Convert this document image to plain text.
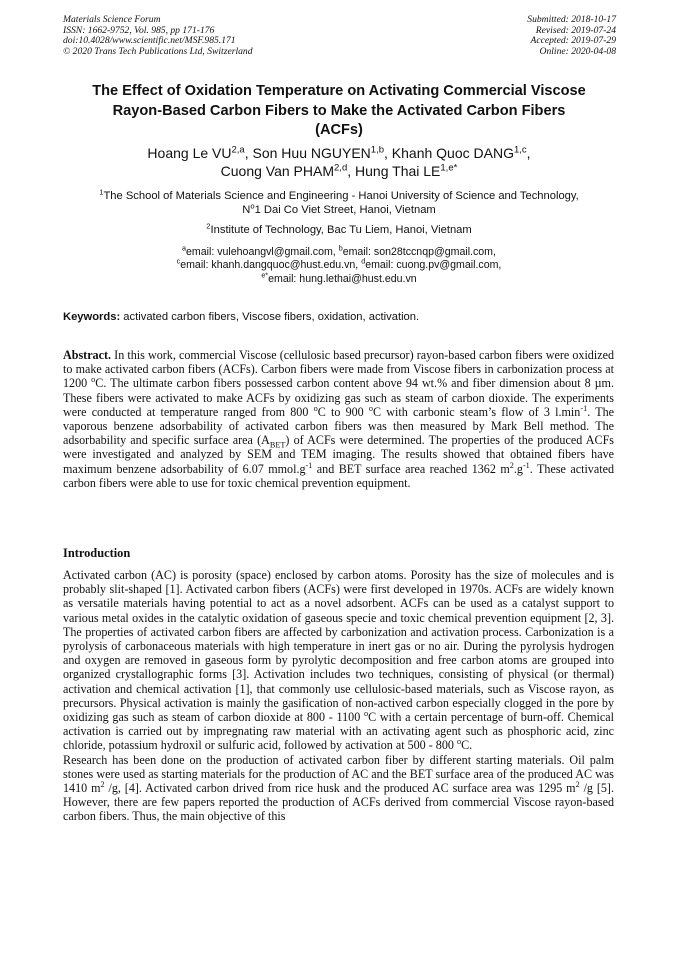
Materials Science Forum
ISSN: 1662-9752, Vol. 985, pp 171-176
doi:10.4028/www.scientific.net/MSF.985.171
© 2020 Trans Tech Publications Ltd, Switzerland
Submitted: 2018-10-17
Revised: 2019-07-24
Accepted: 2019-07-29
Online: 2020-04-08
The Effect of Oxidation Temperature on Activating Commercial Viscose
Rayon-Based Carbon Fibers to Make the Activated Carbon Fibers
(ACFs)
Hoang Le VU$^{2,a}$, Son Huu NGUYEN$^{1,b}$, Khanh Quoc DANG$^{1,c}$,
Cuong Van PHAM$^{2,d}$, Hung Thai $LE^{1,e*}$
$^1$The School of Materials Science and Engineering - Hanoi University of Science and Technology,
$N^o1$ Dai Co Viet Street, Hanoi, Vietnam
$^2$Institute of Technology, Bac Tu Liem, Hanoi, Vietnam
$^a$email: vulehoangvl@gmail.com, $^b$email: son28tccnqp@gmail.com,
$^c$email: khanh.dangquoc@hust.edu.vn, $^d$email: cuong.pv@gmail.com,
$^{e*}$email: hung.lethai@hust.edu.vn
Keywords: activated carbon fibers, Viscose fibers, oxidation, activation.
Abstract. In this work, commercial Viscose (cellulosic based precursor) rayon-based carbon fibers were oxidized to make activated carbon fibers (ACFs). Carbon fibers were made from Viscose fibers in carbonization process at 1200 $^o$C. The ultimate carbon fibers possessed carbon content above 94 wt.% and fiber dimension about 8 µm. These fibers were activated to make ACFs by oxidizing gas such as steam of carbon dioxide. The experiments were conducted at temperature ranged from 800 $^o$C to 900 $^o$C with carbonic steam’s flow of 3 $l.\min^{-1}$. The vaporous benzene adsorbability of activated carbon fibers was then measured by Mark Bell method. The adsorbability and specific surface area $(A_{BET})$ of ACFs were determined. The properties of the produced ACFs were investigated and analyzed by SEM and TEM imaging. The results showed that obtained fibers have maximum benzene adsorbability of 6.07 $mmol.g^{-1}$ and BET surface area reached 1362 $m^2.g^{-1}$. These activated carbon fibers were able to use for toxic chemical prevention equipment.
Introduction

Activated carbon (AC) is porosity (space) enclosed by carbon atoms. Porosity has the size of molecules and is probably slit-shaped [1]. Activated carbon fibers (ACFs) were first developed in 1970s. ACFs are widely known as versatile materials having potential to act as a novel adsorbent. ACFs can be used as a catalyst support to various metal oxides in the catalytic oxidation of gaseous specie and toxic chemical prevention equipment [2, 3]. The properties of activated carbon fibers are affected by carbonization and activation process. Carbonization is a pyrolysis of carbonaceous materials with high temperature in inert gas or no air. During the pyrolysis hydrogen and oxygen are removed in gaseous form by pyrolytic decomposition and free carbon atoms are grouped into organized crystallographic forms [3]. Activation includes two techniques, consisting of physical (or thermal) activation and chemical activation [1], that commonly use cellulosic-based materials, such as Viscose rayon, as precursors. Physical activation is mainly the gasification of non-actived carbon especially clogged in the pore by oxidizing gas such as steam of carbon dioxide at 800 - 1100 $^o$C with a certain percentage of burn-off. Chemical activation is carried out by impregnating raw material with an activating agent such as phosphoric acid, zinc chloride, potassium hydroxil or sulfuric acid, followed by activation at 500 - 800 $^o$C.

Research has been done on the production of activated carbon fiber by different starting materials. Oil palm stones were used as starting materials for the production of AC and the BET surface area of the produced AC was 1410 $m^2$ /g, [4]. Activated carbon drived from rice husk and the produced AC surface area was 1295 $m^2$ /g [5]. However, there are few papers reported the production of ACFs derived from commercial Viscose rayon-based carbon fibers. Thus, the main objective of this
